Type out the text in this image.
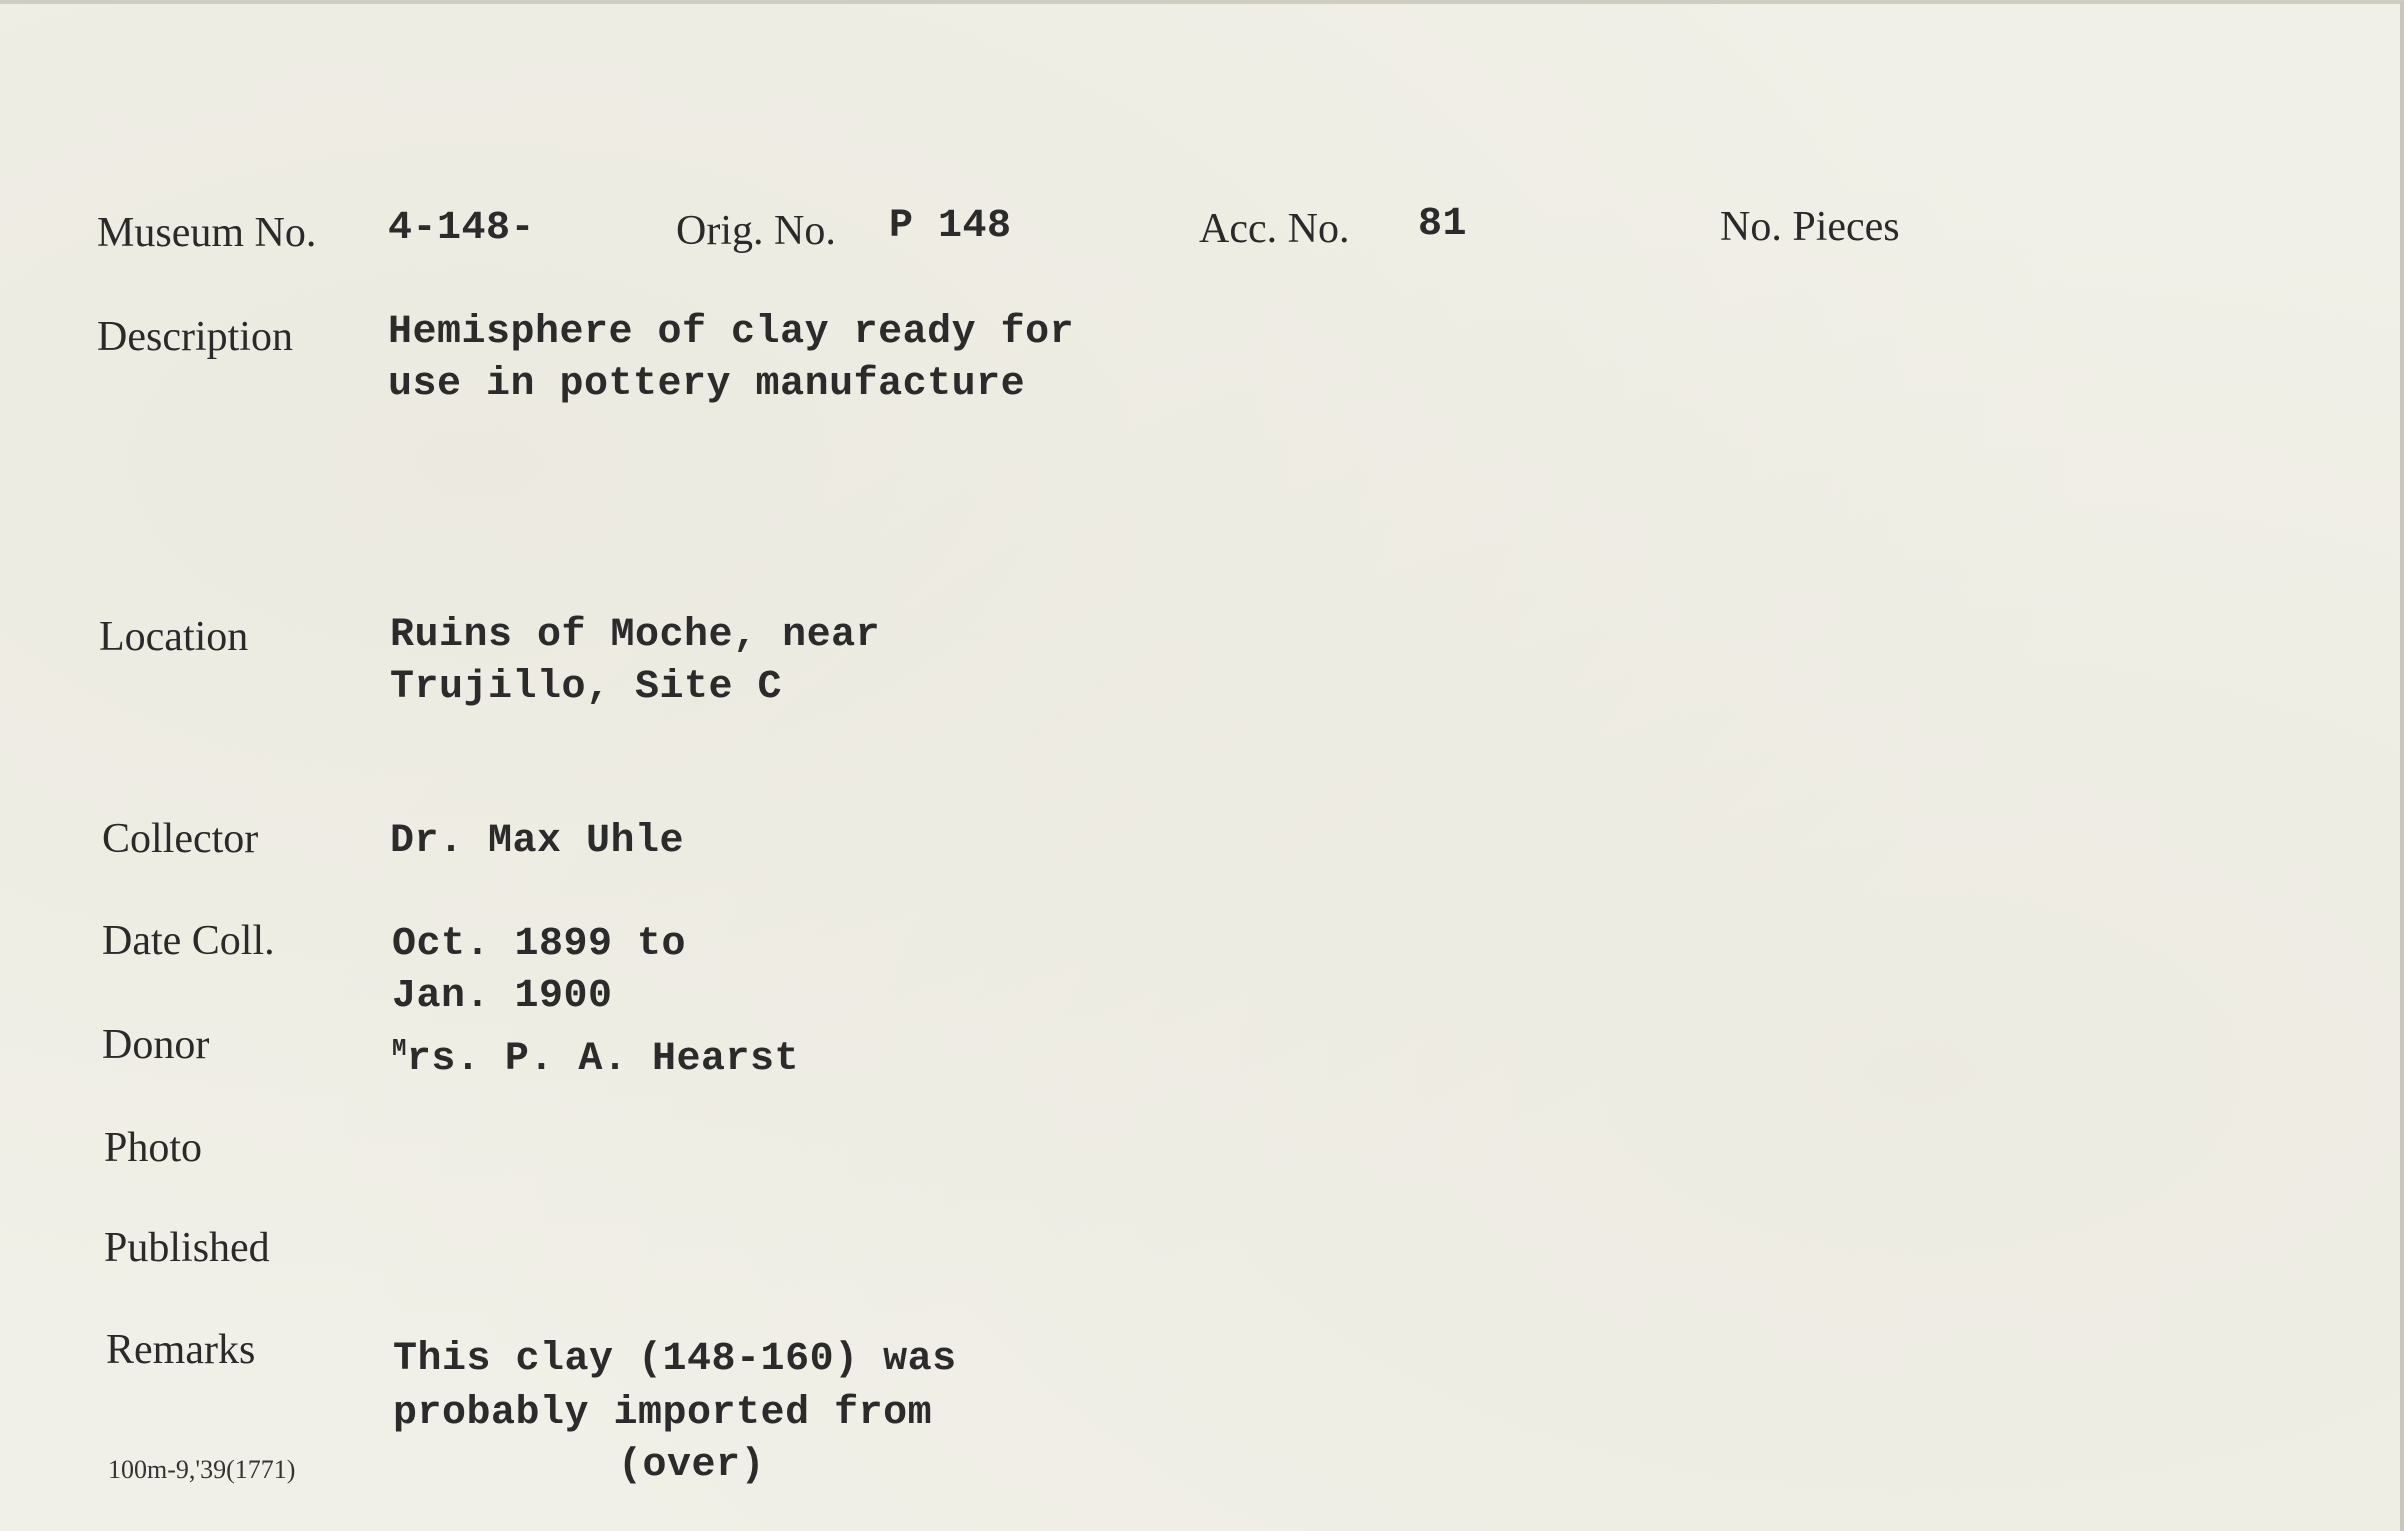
Museum No. 4-148-	Orig. No. P 148	Acc. No. 81	No. Pieces
Description Hemisphere of clay ready for
use in pottery manufacture
Location	Ruins of Moche, near
Trujillo, Site C
Collector	Dr. Max Uhle
Date Coll.	Oct. 1899 to
Jan. 1900
Donor	$^M$rs. P. A. Hearst
Photo
Published
Remarks	This clay (148-160) was
probably imported from
(over)
100m-9,'39(1771)
